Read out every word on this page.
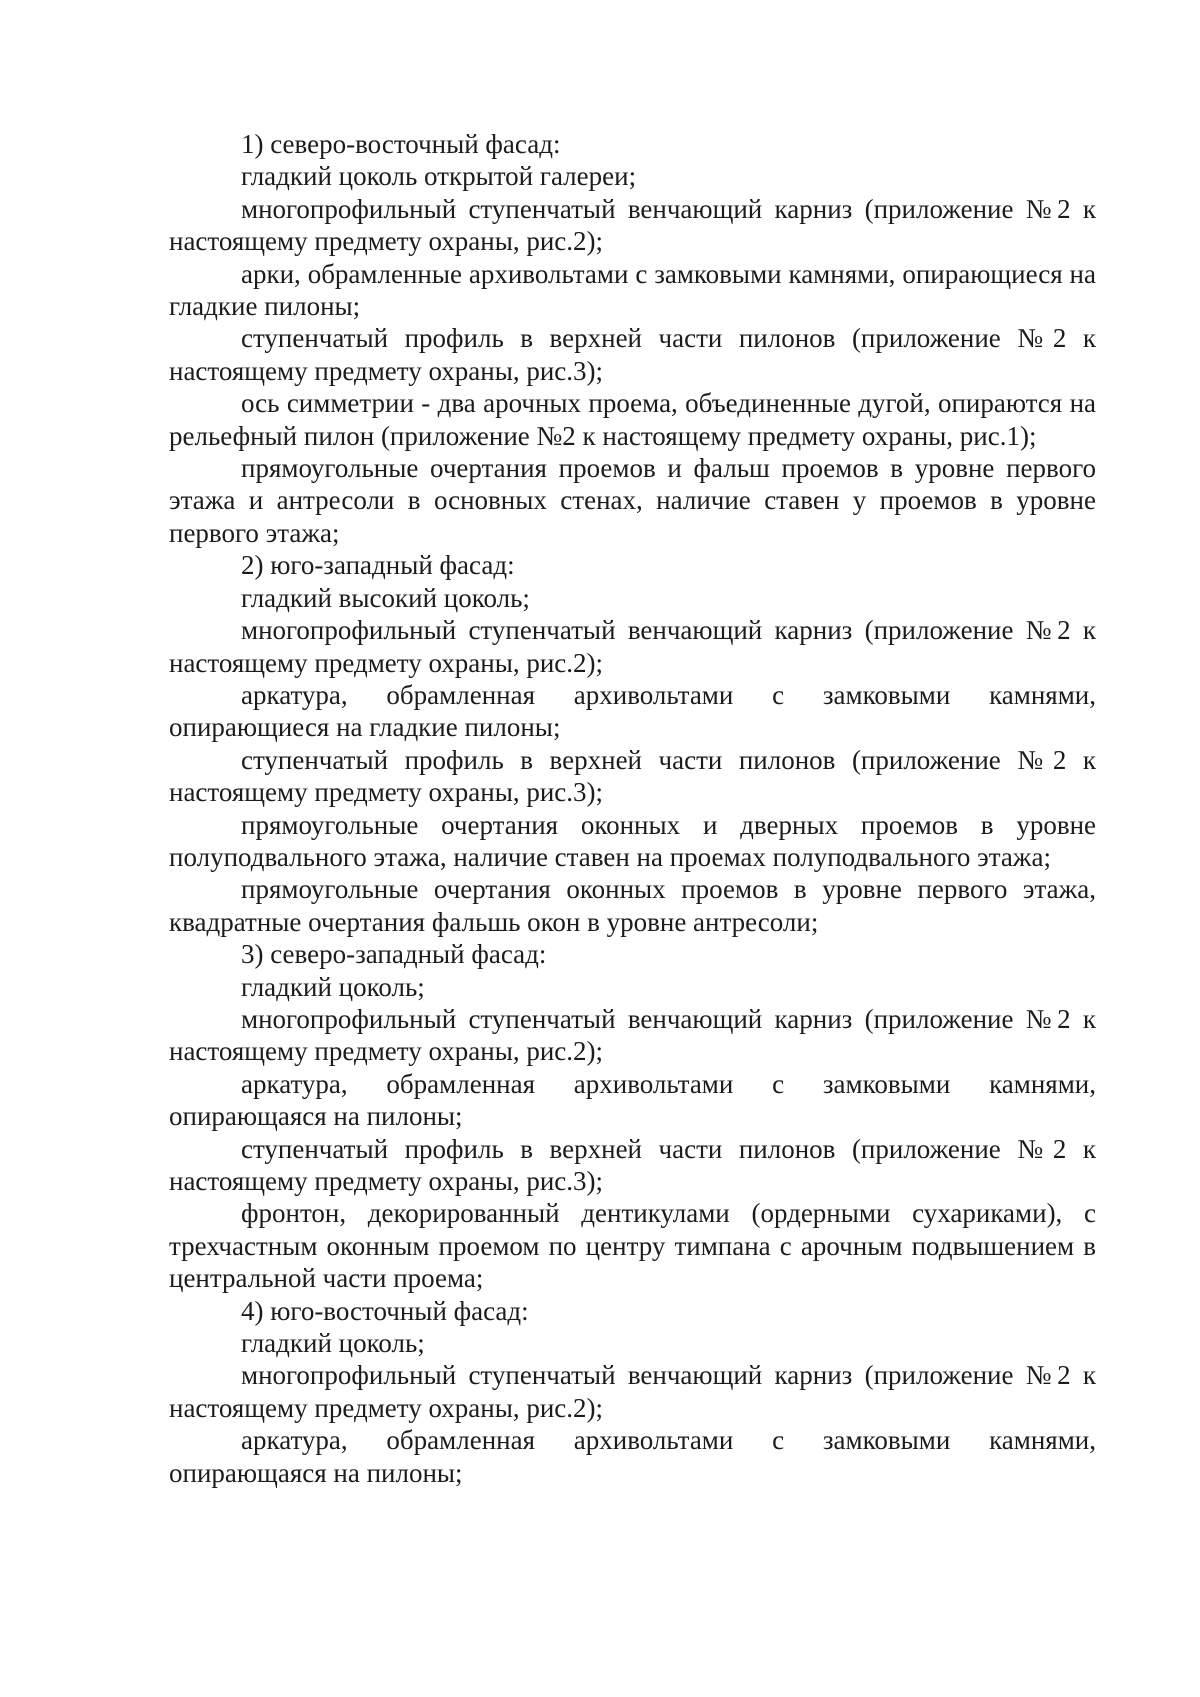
1) северо-восточный фасад:

гладкий цоколь открытой галереи;

многопрофильный ступенчатый венчающий карниз (приложение №2 к настоящему предмету охраны, рис.2);

арки, обрамленные архивольтами с замковыми камнями, опирающиеся на гладкие пилоны;

ступенчатый профиль в верхней части пилонов (приложение №2 к настоящему предмету охраны, рис.3);

ось симметрии - два арочных проема, объединенные дугой, опираются на рельефный пилон (приложение №2 к настоящему предмету охраны, рис.1);

прямоугольные очертания проемов и фальш проемов в уровне первого этажа и антресоли в основных стенах, наличие ставен у проемов в уровне первого этажа;

2) юго-западный фасад:

гладкий высокий цоколь;

многопрофильный ступенчатый венчающий карниз (приложение №2 к настоящему предмету охраны, рис.2);

аркатура, обрамленная архивольтами с замковыми камнями, опирающиеся на гладкие пилоны;

ступенчатый профиль в верхней части пилонов (приложение №2 к настоящему предмету охраны, рис.3);

прямоугольные очертания оконных и дверных проемов в уровне полуподвального этажа, наличие ставен на проемах полуподвального этажа;

прямоугольные очертания оконных проемов в уровне первого этажа, квадратные очертания фальшь окон в уровне антресоли;

3) северо-западный фасад:

гладкий цоколь;

многопрофильный ступенчатый венчающий карниз (приложение №2 к настоящему предмету охраны, рис.2);

аркатура, обрамленная архивольтами с замковыми камнями, опирающаяся на пилоны;

ступенчатый профиль в верхней части пилонов (приложение №2 к настоящему предмету охраны, рис.3);

фронтон, декорированный дентикулами (ордерными сухариками), с трехчастным оконным проемом по центру тимпана с арочным подвышением в центральной части проема;

4) юго-восточный фасад:

гладкий цоколь;

многопрофильный ступенчатый венчающий карниз (приложение №2 к настоящему предмету охраны, рис.2);

аркатура, обрамленная архивольтами с замковыми камнями, опирающаяся на пилоны;
